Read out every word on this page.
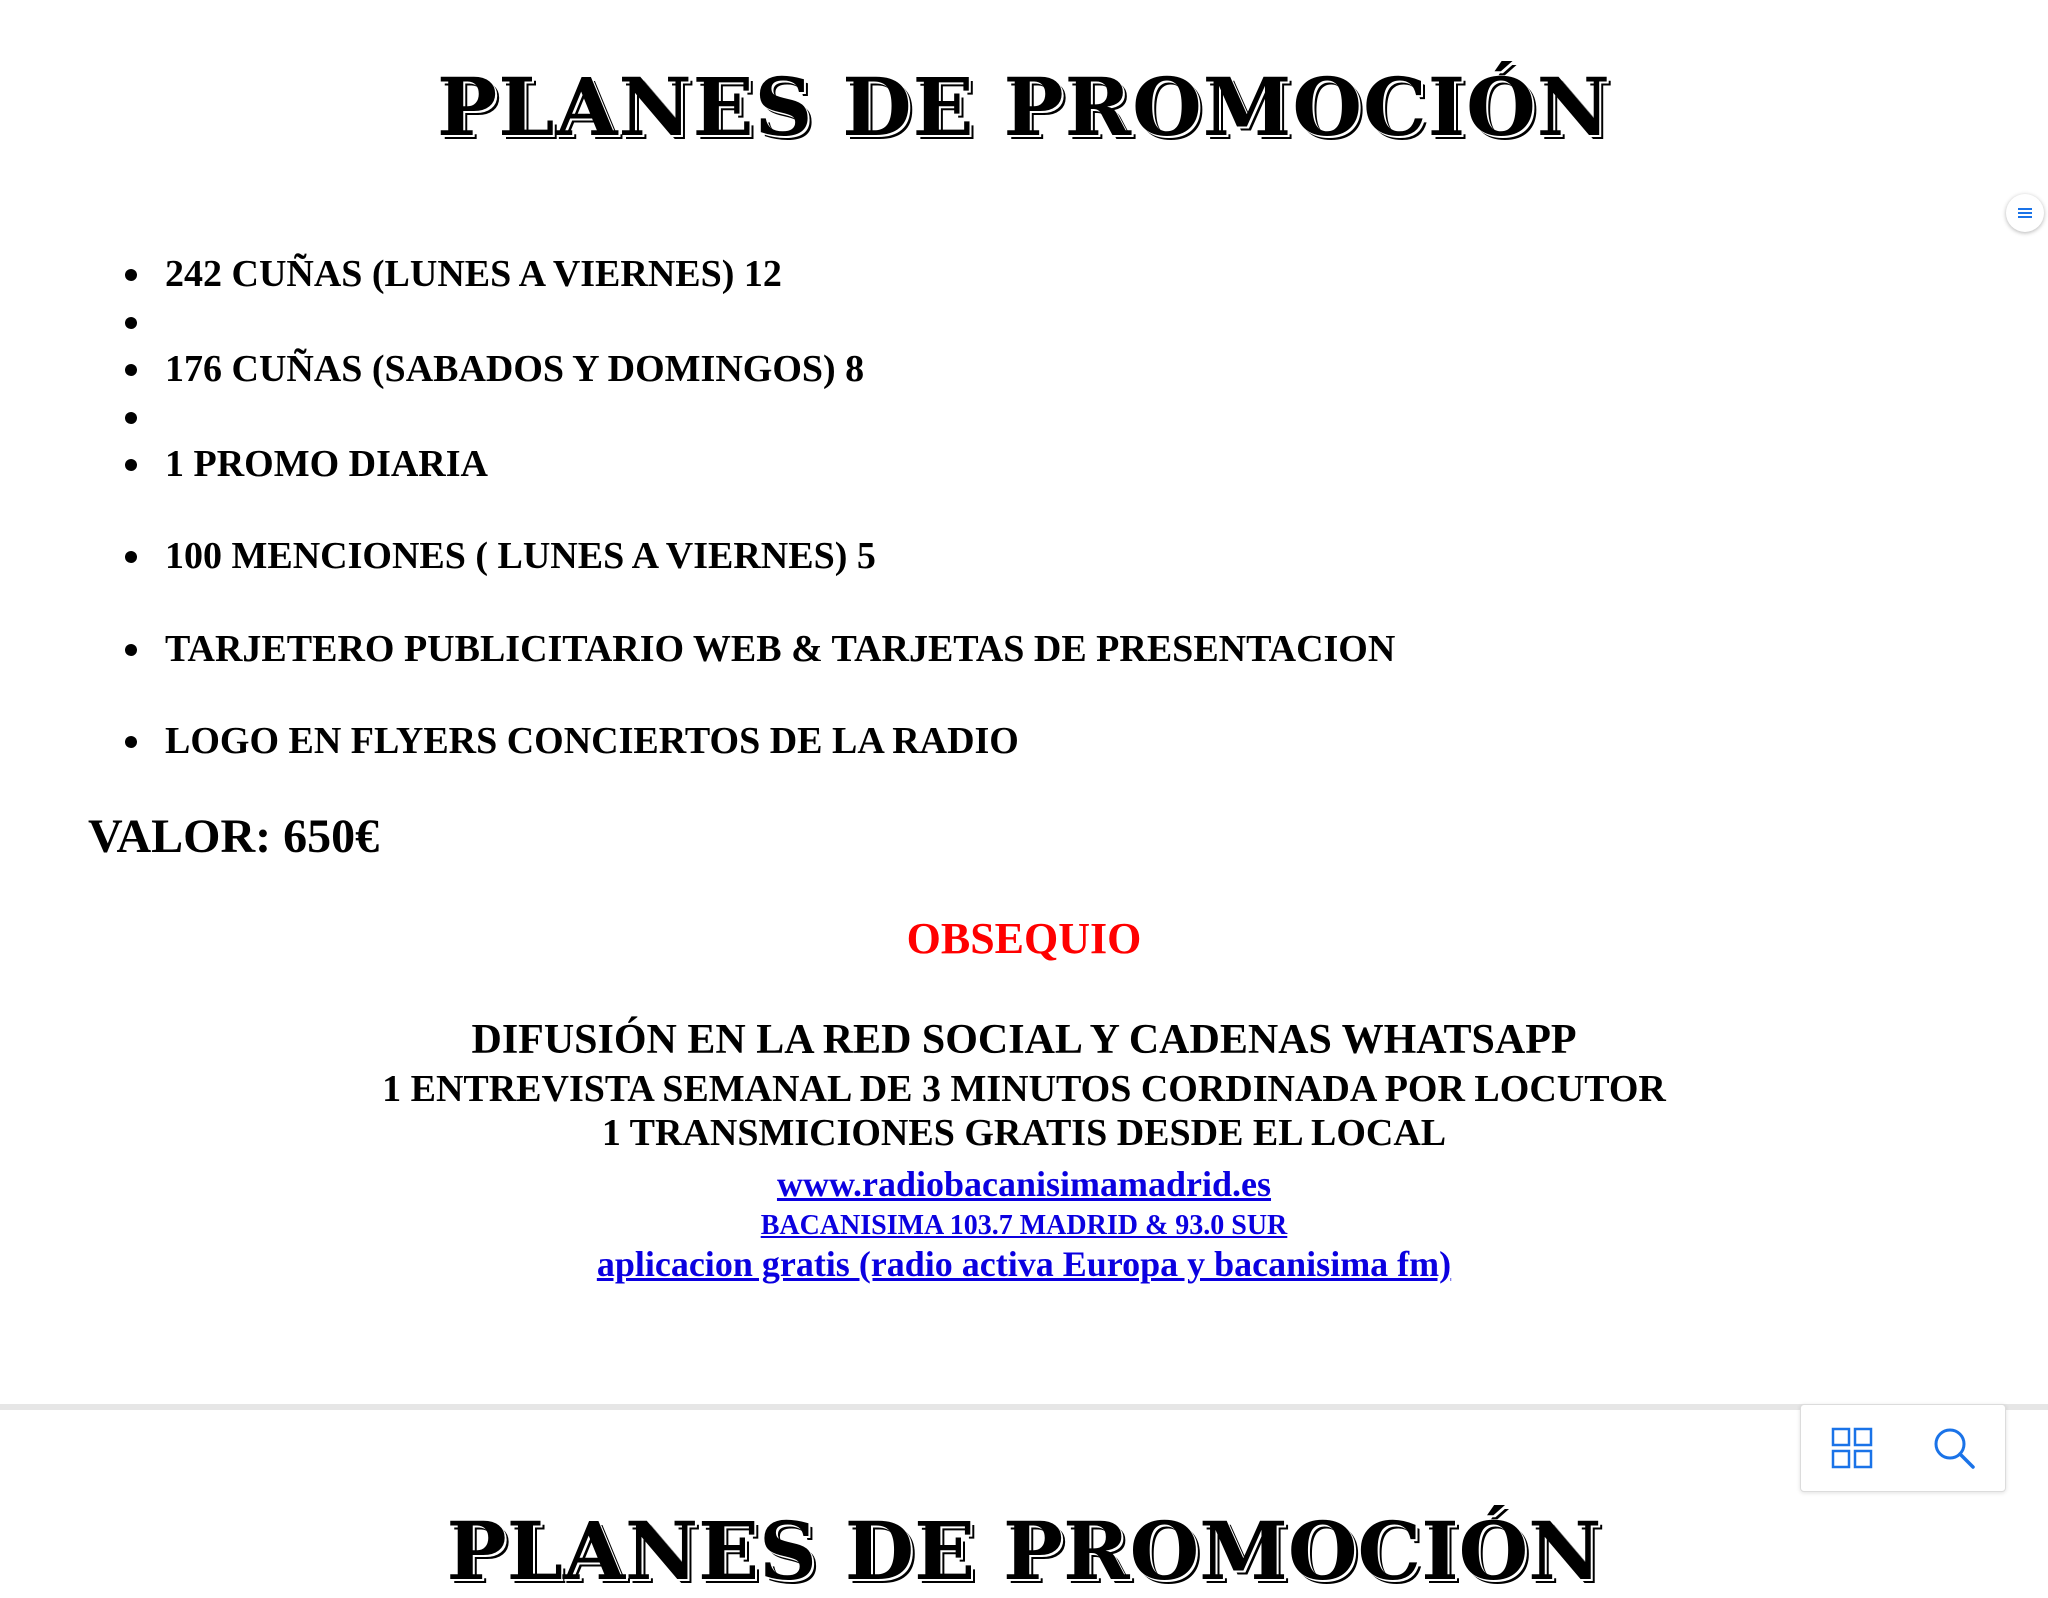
PLANES DE PROMOCIÓN
242 CUÑAS (LUNES A VIERNES) 12
176 CUÑAS (SABADOS Y DOMINGOS) 8
1 PROMO DIARIA
100 MENCIONES ( LUNES A VIERNES) 5
TARJETERO PUBLICITARIO WEB & TARJETAS DE PRESENTACION
LOGO EN FLYERS CONCIERTOS DE LA RADIO
VALOR: 650€
OBSEQUIO
DIFUSIÓN EN LA RED SOCIAL Y CADENAS WHATSAPP
1 ENTREVISTA SEMANAL DE 3 MINUTOS CORDINADA POR LOCUTOR
1 TRANSMICIONES GRATIS DESDE EL LOCAL
www.radiobacanisimamadrid.es
BACANISIMA 103.7 MADRID & 93.0 SUR
aplicacion gratis (radio activa Europa y bacanisima fm)
PLANES DE PROMOCIÓN
